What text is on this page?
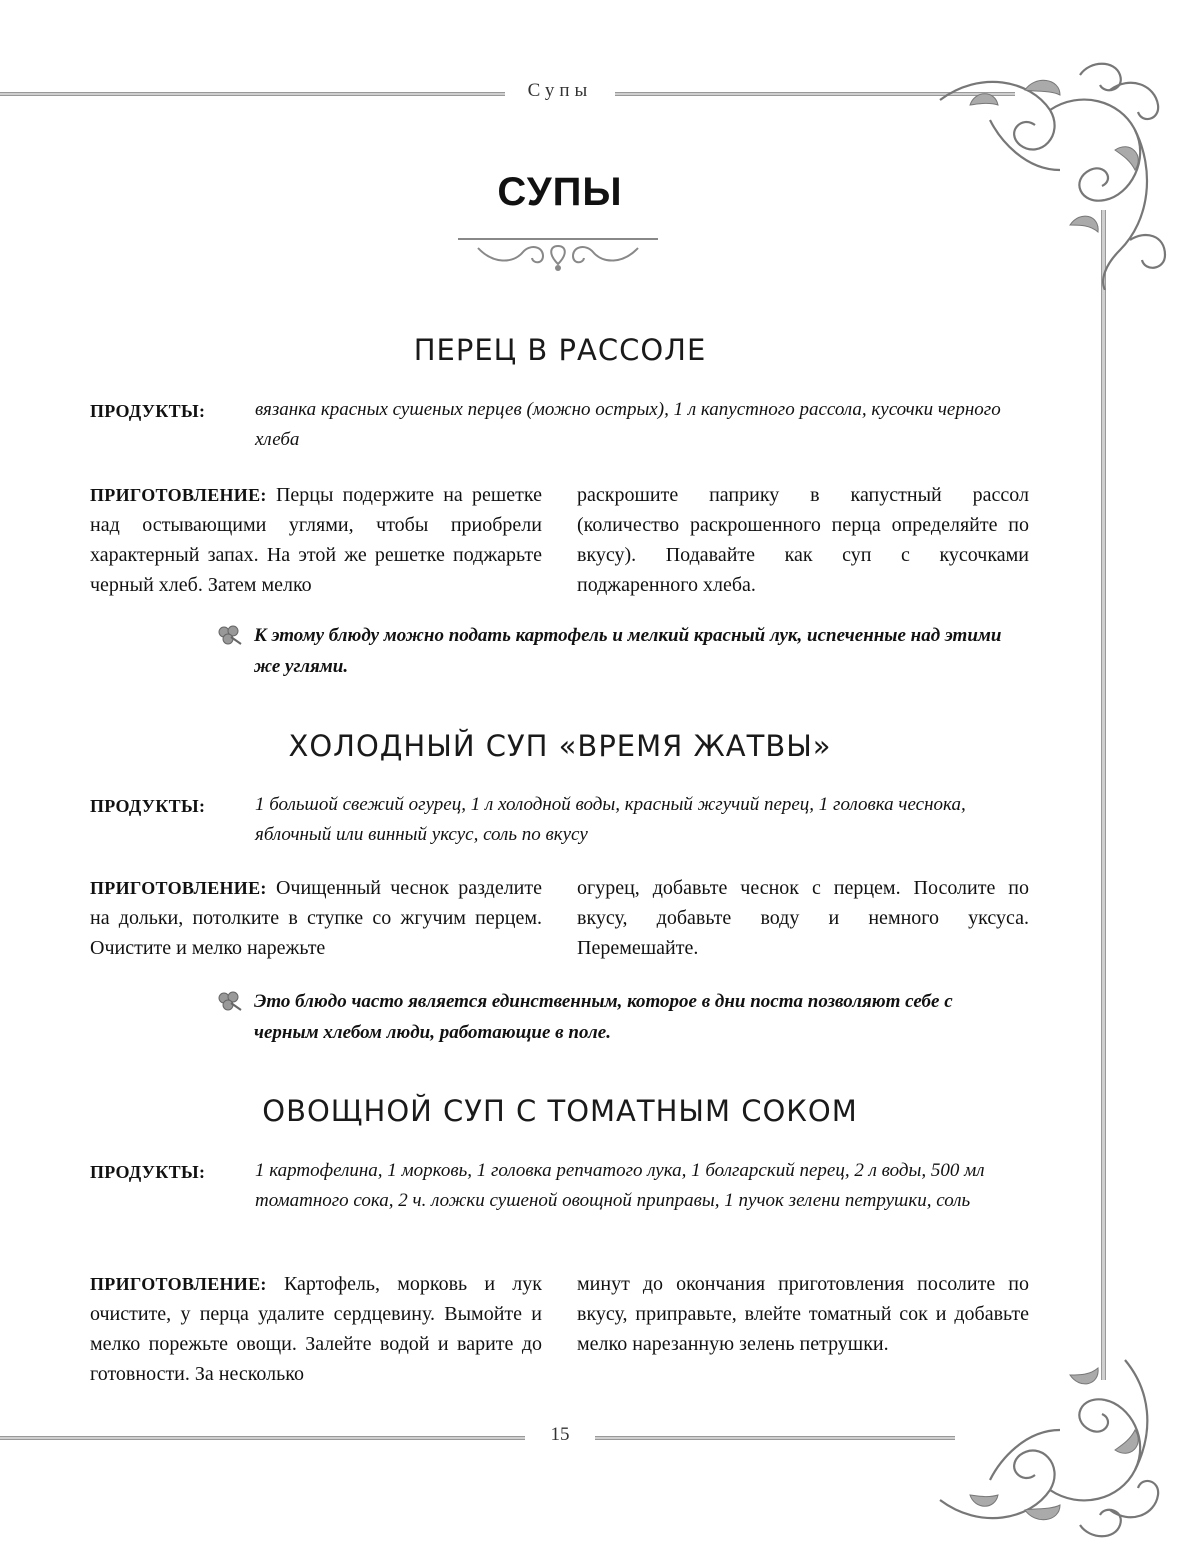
Супы
15
СУПЫ
ПЕРЕЦ В РАССОЛЕ
ПРОДУКТЫ:	вязанка красных сушеных перцев (можно острых), 1 л капустного рассола, кусочки черного хлеба
ПРИГОТОВЛЕНИЕ: Перцы подержите на решетке над остывающими углями, чтобы приобрели характерный запах. На этой же решетке поджарьте черный хлеб. Затем мелко
раскрошите паприку в капустный рассол (количество раскрошенного перца определяйте по вкусу). Подавайте как суп с кусочками поджаренного хлеба.
К этому блюду можно подать картофель и мелкий красный лук, испеченные над этими же углями.
ХОЛОДНЫЙ СУП «ВРЕМЯ ЖАТВЫ»
ПРОДУКТЫ:	1 большой свежий огурец, 1 л холодной воды, красный жгучий перец, 1 головка чеснока, яблочный или винный уксус, соль по вкусу
ПРИГОТОВЛЕНИЕ: Очищенный чеснок разделите на дольки, потолките в ступке со жгучим перцем. Очистите и мелко нарежьте
огурец, добавьте чеснок с перцем. Посолите по вкусу, добавьте воду и немного уксуса. Перемешайте.
Это блюдо часто является единственным, которое в дни поста позволяют себе с черным хлебом люди, работающие в поле.
ОВОЩНОЙ СУП С ТОМАТНЫМ СОКОМ
ПРОДУКТЫ:	1 картофелина, 1 морковь, 1 головка репчатого лука, 1 болгарский перец, 2 л воды, 500 мл томатного сока, 2 ч. ложки сушеной овощной приправы, 1 пучок зелени петрушки, соль
ПРИГОТОВЛЕНИЕ: Картофель, морковь и лук очистите, у перца удалите сердцевину. Вымойте и мелко порежьте овощи. Залейте водой и варите до готовности. За несколько
минут до окончания приготовления посолите по вкусу, приправьте, влейте томатный сок и добавьте мелко нарезанную зелень петрушки.
